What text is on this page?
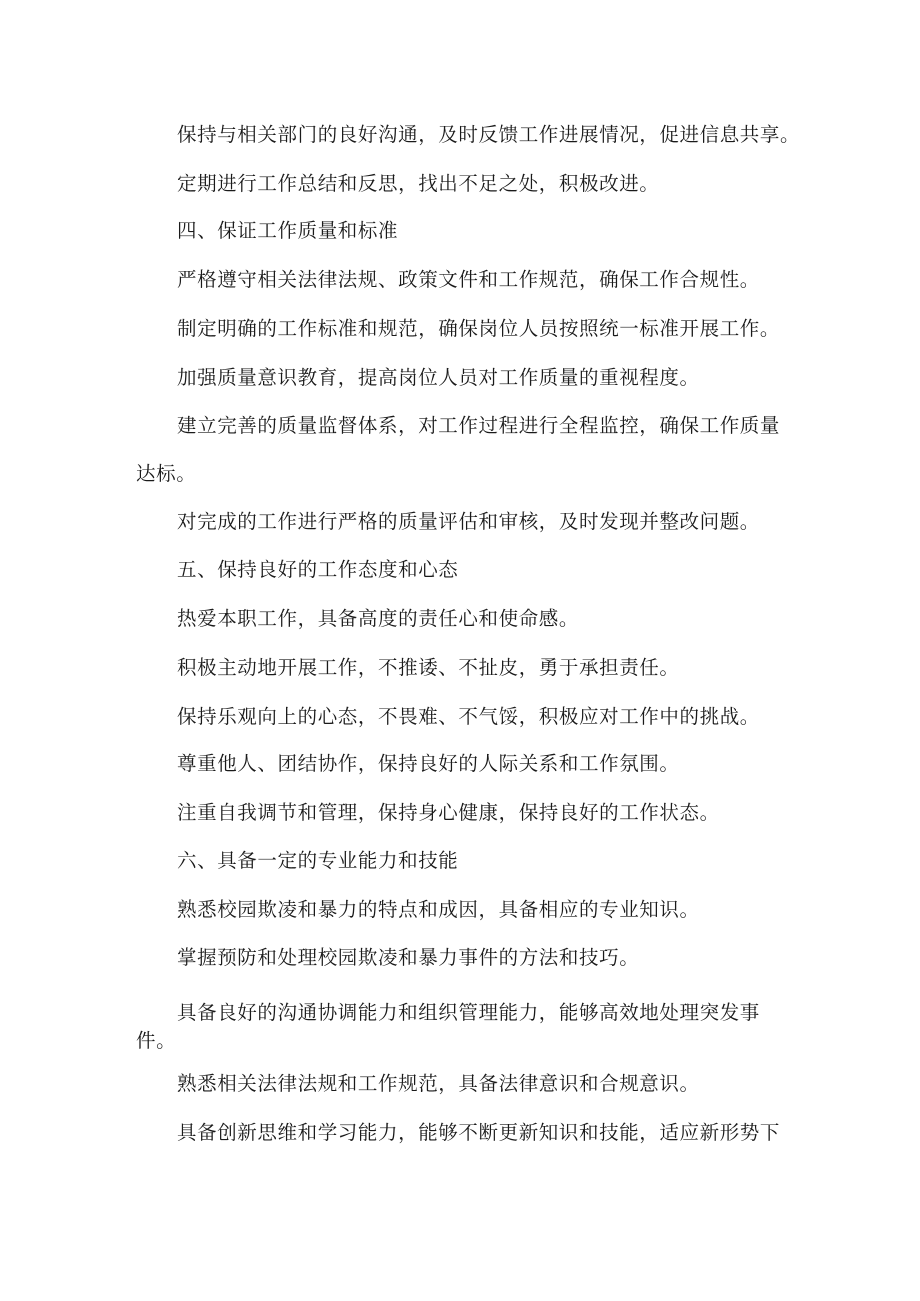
保持与相关部门的良好沟通，及时反馈工作进展情况，促进信息共享。
定期进行工作总结和反思，找出不足之处，积极改进。
四、保证工作质量和标准
严格遵守相关法律法规、政策文件和工作规范，确保工作合规性。
制定明确的工作标准和规范，确保岗位人员按照统一标准开展工作。
加强质量意识教育，提高岗位人员对工作质量的重视程度。
建立完善的质量监督体系，对工作过程进行全程监控，确保工作质量
达标。
对完成的工作进行严格的质量评估和审核，及时发现并整改问题。
五、保持良好的工作态度和心态
热爱本职工作，具备高度的责任心和使命感。
积极主动地开展工作，不推诿、不扯皮，勇于承担责任。
保持乐观向上的心态，不畏难、不气馁，积极应对工作中的挑战。
尊重他人、团结协作，保持良好的人际关系和工作氛围。
注重自我调节和管理，保持身心健康，保持良好的工作状态。
六、具备一定的专业能力和技能
熟悉校园欺凌和暴力的特点和成因，具备相应的专业知识。
掌握预防和处理校园欺凌和暴力事件的方法和技巧。
具备良好的沟通协调能力和组织管理能力，能够高效地处理突发事
件。
熟悉相关法律法规和工作规范，具备法律意识和合规意识。
具备创新思维和学习能力，能够不断更新知识和技能，适应新形势下
